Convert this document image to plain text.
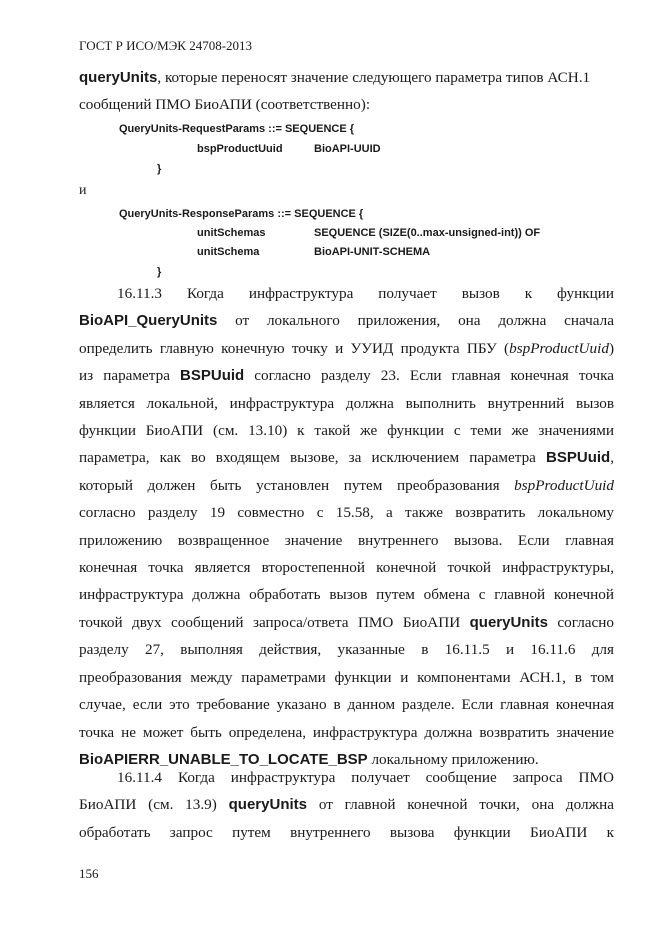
ГОСТ Р ИСО/МЭК 24708-2013

queryUnits, которые переносят значение следующего параметра типов АСН.1

сообщений ПМО БиоАПИ (соответственно):

QueryUnits-RequestParams ::= SEQUENCE {
bspProductUuid	BioAPI-UUID
}
и
QueryUnits-ResponseParams ::= SEQUENCE {
unitSchemas	SEQUENCE (SIZE(0..max-unsigned-int)) OF
unitSchema	BioAPI-UNIT-SCHEMA
}

16.11.3 Когда инфраструктура получает вызов к функции

BioAPI_QueryUnits от локального приложения, она должна сначала

определить главную конечную точку и УУИД продукта ПБУ (bspProductUuid)

из параметра BSPUuid согласно разделу 23. Если главная конечная точка

является локальной, инфраструктура должна выполнить внутренний вызов

функции БиоАПИ (см. 13.10) к такой же функции с теми же значениями

параметра, как во входящем вызове, за исключением параметра BSPUuid,

который должен быть установлен путем преобразования bspProductUuid

согласно разделу 19 совместно с 15.58, а также возвратить локальному

приложению возвращенное значение внутреннего вызова. Если главная

конечная точка является второстепенной конечной точкой инфраструктуры,

инфраструктура должна обработать вызов путем обмена с главной конечной

точкой двух сообщений запроса/ответа ПМО БиоАПИ queryUnits согласно

разделу 27, выполняя действия, указанные в 16.11.5 и 16.11.6 для

преобразования между параметрами функции и компонентами АСН.1, в том

случае, если это требование указано в данном разделе. Если главная конечная

точка не может быть определена, инфраструктура должна возвратить значение

BioAPIERR_UNABLE_TO_LOCATE_BSP локальному приложению.

16.11.4 Когда инфраструктура получает сообщение запроса ПМО

БиоАПИ (см. 13.9) queryUnits от главной конечной точки, она должна

обработать запрос путем внутреннего вызова функции БиоАПИ к

156
